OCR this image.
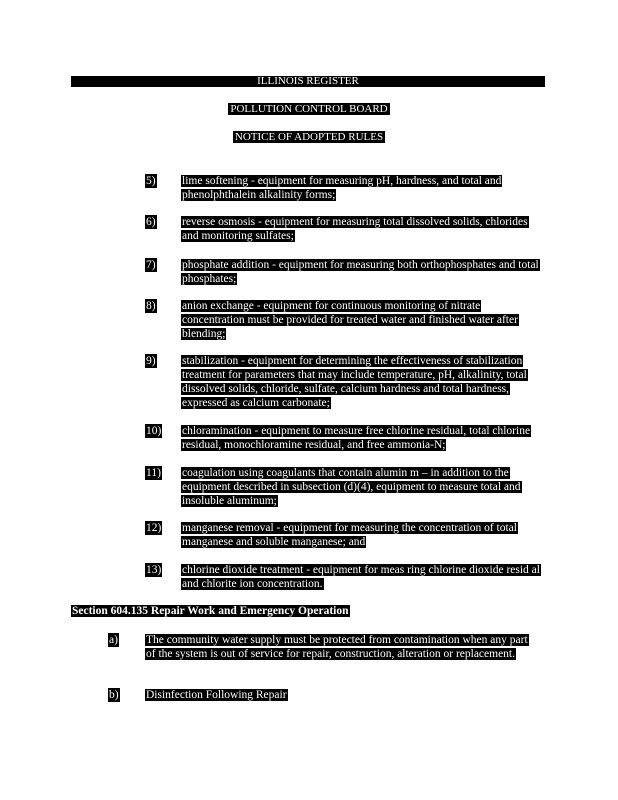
ILLINOIS REGISTER
POLLUTION CONTROL BOARD
NOTICE OF ADOPTED RULES
5) lime softening - equipment for measuring pH, hardness, and total and phenolphthalein alkalinity forms;
6) reverse osmosis - equipment for measuring total dissolved solids, chlorides and monitoring sulfates;
7) phosphate addition - equipment for measuring both orthophosphates and total phosphates;
8) anion exchange - equipment for continuous monitoring of nitrate concentration must be provided for treated water and finished water after blending;
9) stabilization - equipment for determining the effectiveness of stabilization treatment for parameters that may include temperature, pH, alkalinity, total dissolved solids, chloride, sulfate, calcium hardness and total hardness, expressed as calcium carbonate;
10) chloramination - equipment to measure free chlorine residual, total chlorine residual, monochloramine residual, and free ammonia-N;
11) coagulation using coagulants that contain alumin m – in addition to the equipment described in subsection (d)(4), equipment to measure total and insoluble aluminum;
12) manganese removal - equipment for measuring the concentration of total manganese and soluble manganese; and
13) chlorine dioxide treatment - equipment for meas ring chlorine dioxide resid al and chlorite ion concentration.
Section 604.135 Repair Work and Emergency Operation
a) The community water supply must be protected from contamination when any part of the system is out of service for repair, construction, alteration or replacement.
b) Disinfection Following Repair
